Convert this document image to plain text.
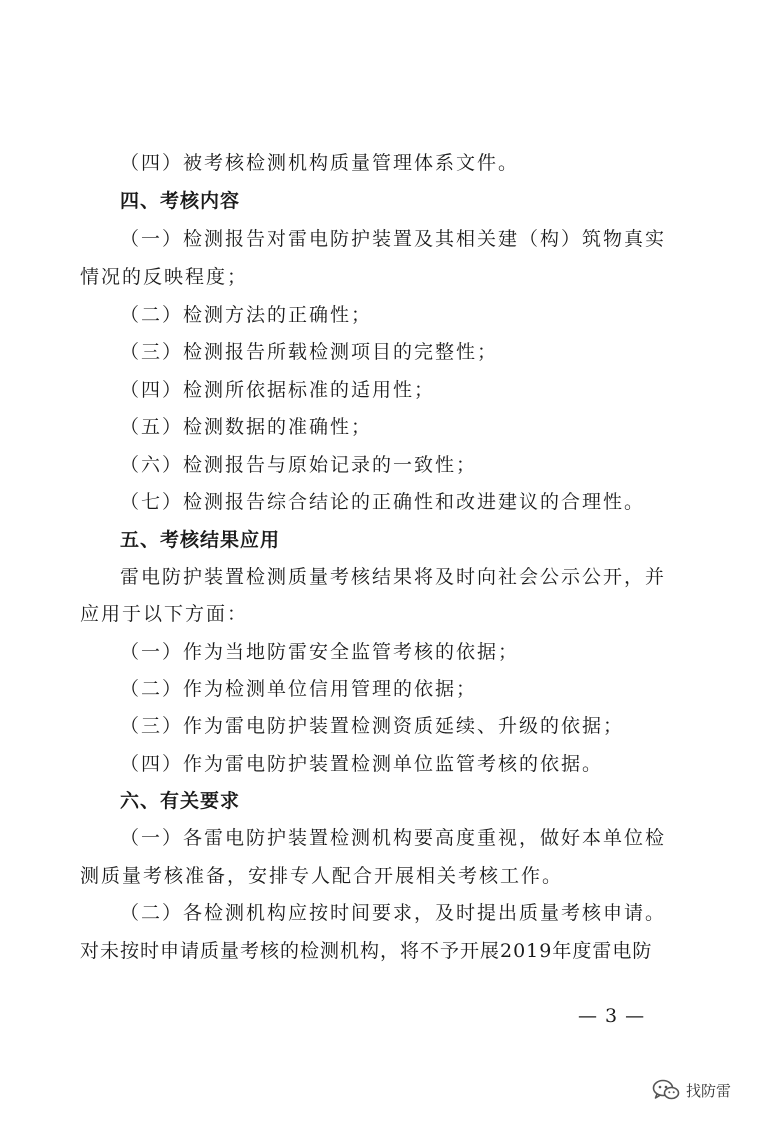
（四）被考核检测机构质量管理体系文件。
四、考核内容
（一）检测报告对雷电防护装置及其相关建（构）筑物真实
情况的反映程度；
（二）检测方法的正确性；
（三）检测报告所载检测项目的完整性；
（四）检测所依据标准的适用性；
（五）检测数据的准确性；
（六）检测报告与原始记录的一致性；
（七）检测报告综合结论的正确性和改进建议的合理性。
五、考核结果应用
雷电防护装置检测质量考核结果将及时向社会公示公开，并
应用于以下方面：
（一）作为当地防雷安全监管考核的依据；
（二）作为检测单位信用管理的依据；
（三）作为雷电防护装置检测资质延续、升级的依据；
（四）作为雷电防护装置检测单位监管考核的依据。
六、有关要求
（一）各雷电防护装置检测机构要高度重视，做好本单位检
测质量考核准备，安排专人配合开展相关考核工作。
（二）各检测机构应按时间要求，及时提出质量考核申请。
对未按时申请质量考核的检测机构，将不予开展2019年度雷电防
— 3 —
找防雷
